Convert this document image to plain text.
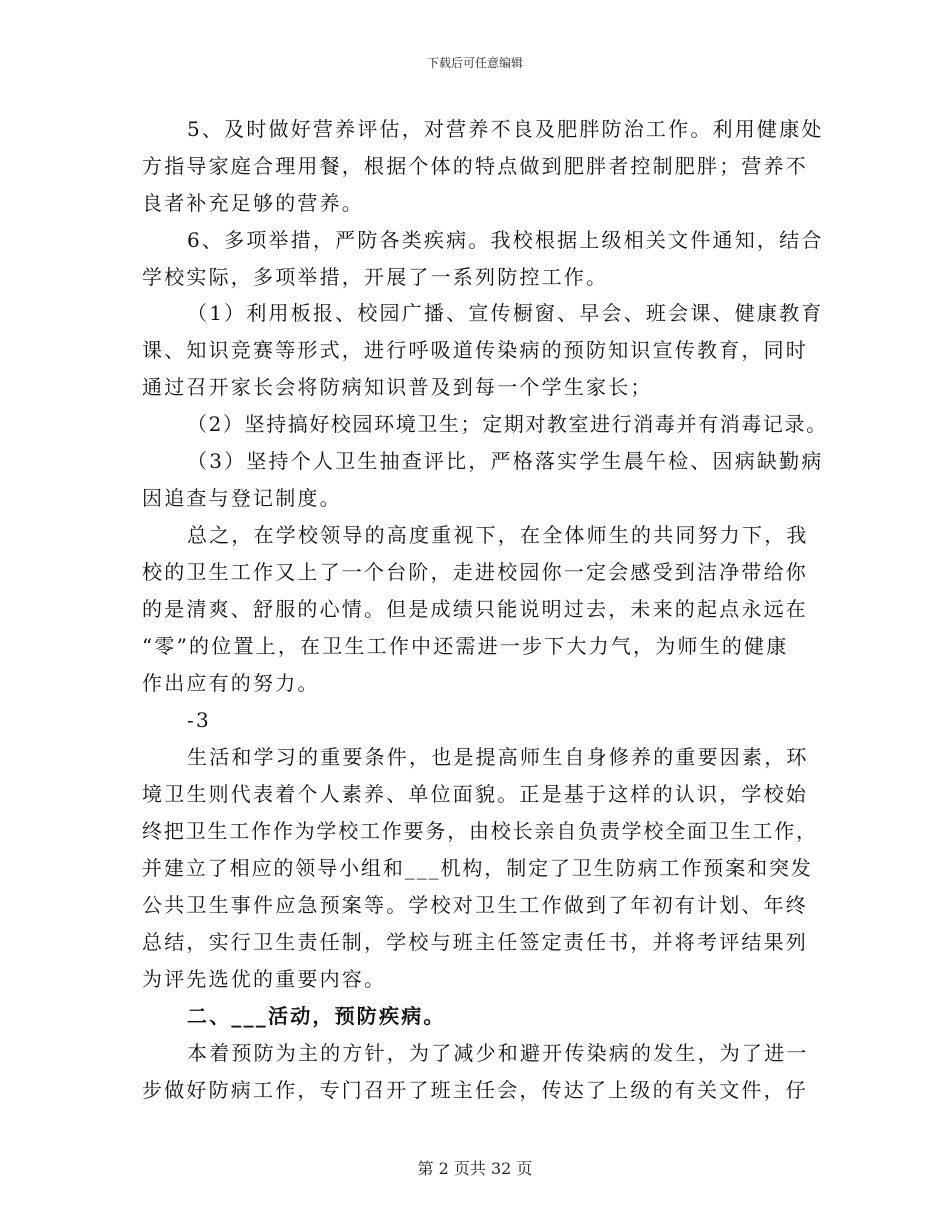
下载后可任意编辑
5、及时做好营养评估，对营养不良及肥胖防治工作。利用健康处
方指导家庭合理用餐，根据个体的特点做到肥胖者控制肥胖；营养不
良者补充足够的营养。
6、多项举措，严防各类疾病。我校根据上级相关文件通知，结合
学校实际，多项举措，开展了一系列防控工作。
（1）利用板报、校园广播、宣传橱窗、早会、班会课、健康教育
课、知识竞赛等形式，进行呼吸道传染病的预防知识宣传教育，同时
通过召开家长会将防病知识普及到每一个学生家长；
（2）坚持搞好校园环境卫生；定期对教室进行消毒并有消毒记录。
（3）坚持个人卫生抽查评比，严格落实学生晨午检、因病缺勤病
因追查与登记制度。
总之，在学校领导的高度重视下，在全体师生的共同努力下，我
校的卫生工作又上了一个台阶，走进校园你一定会感受到洁净带给你
的是清爽、舒服的心情。但是成绩只能说明过去，未来的起点永远在
“零”的位置上，在卫生工作中还需进一步下大力气，为师生的健康
作出应有的努力。
-3
生活和学习的重要条件，也是提高师生自身修养的重要因素，环
境卫生则代表着个人素养、单位面貌。正是基于这样的认识，学校始
终把卫生工作作为学校工作要务，由校长亲自负责学校全面卫生工作，
并建立了相应的领导小组和___机构，制定了卫生防病工作预案和突发
公共卫生事件应急预案等。学校对卫生工作做到了年初有计划、年终
总结，实行卫生责任制，学校与班主任签定责任书，并将考评结果列
为评先选优的重要内容。
二、___活动，预防疾病。
本着预防为主的方针，为了减少和避开传染病的发生，为了进一
步做好防病工作，专门召开了班主任会，传达了上级的有关文件，仔
第 2 页共 32 页
